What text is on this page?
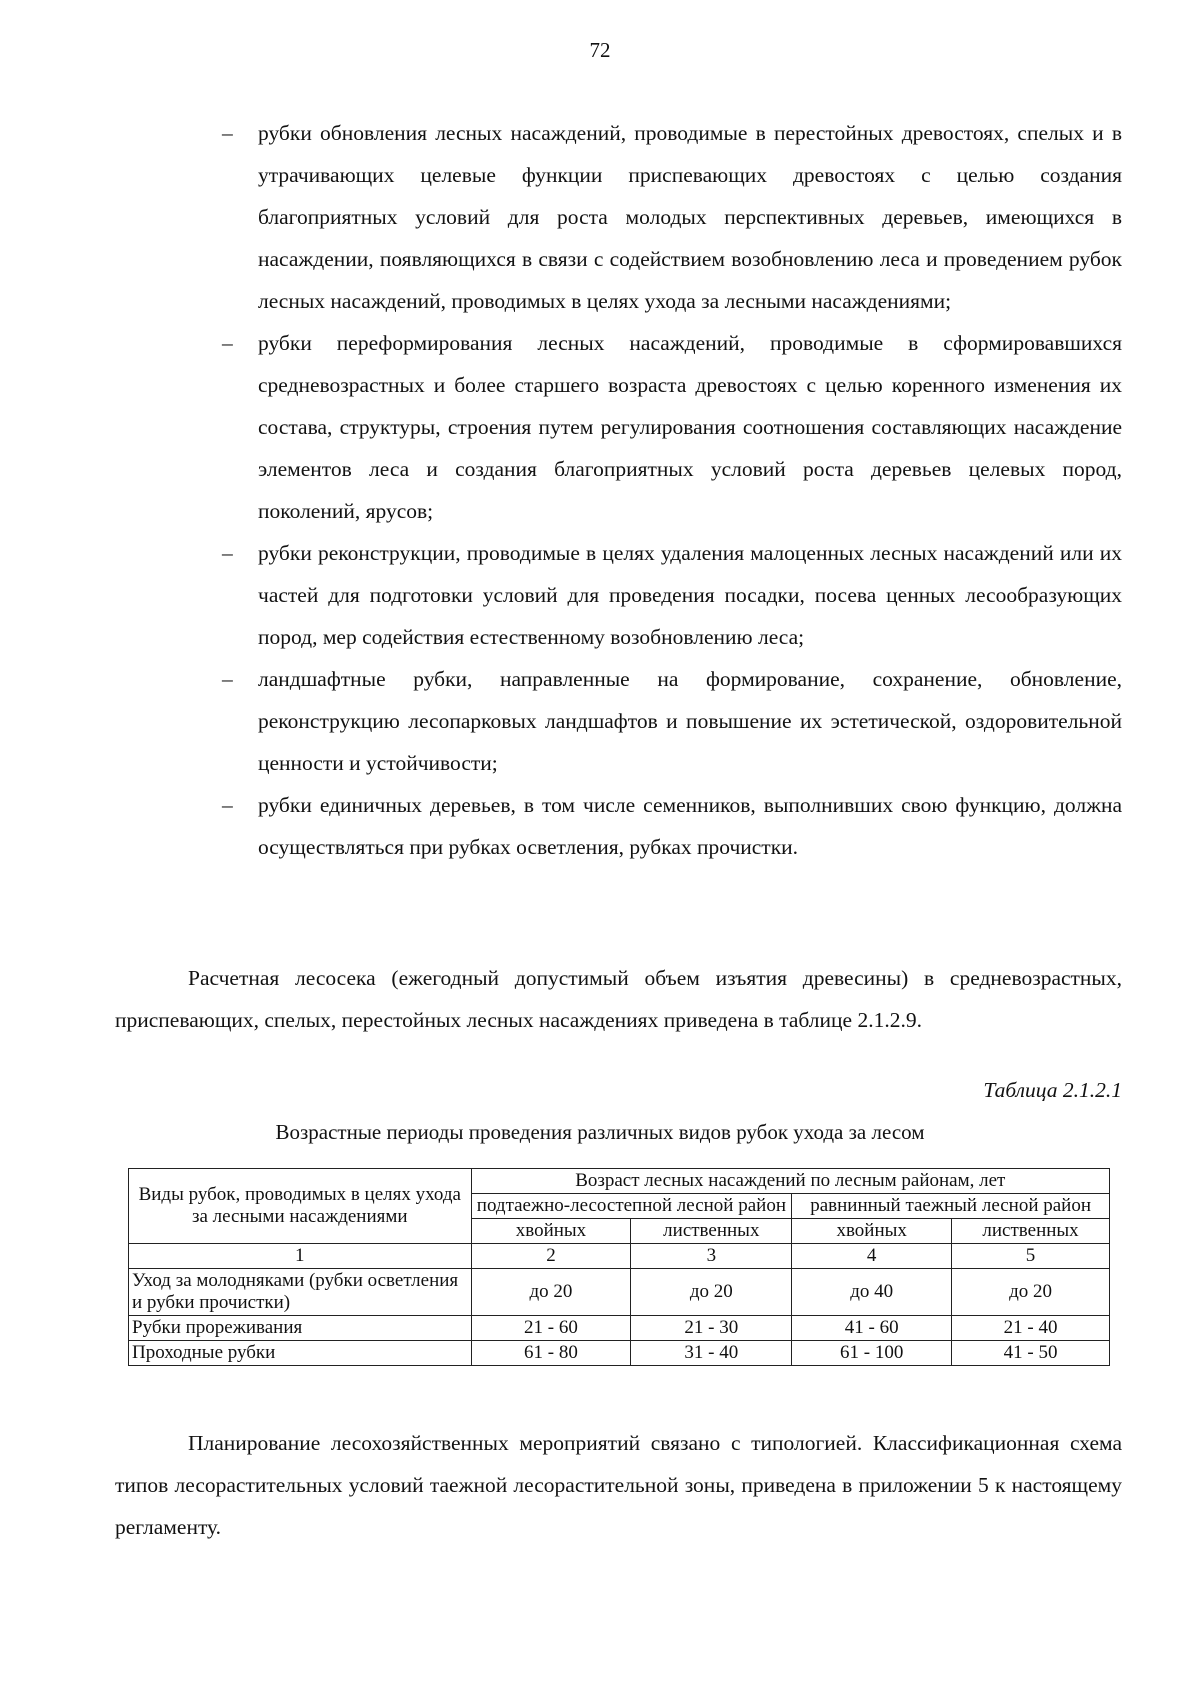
72
– рубки обновления лесных насаждений, проводимые в перестойных древостоях, спелых и в утрачивающих целевые функции приспевающих древостоях с целью создания благоприятных условий для роста молодых перспективных деревьев, имеющихся в насаждении, появляющихся в связи с содействием возобновлению леса и проведением рубок лесных насаждений, проводимых в целях ухода за лесными насаждениями;
– рубки переформирования лесных насаждений, проводимые в сформировавшихся средневозрастных и более старшего возраста древостоях с целью коренного изменения их состава, структуры, строения путем регулирования соотношения составляющих насаждение элементов леса и создания благоприятных условий роста деревьев целевых пород, поколений, ярусов;
– рубки реконструкции, проводимые в целях удаления малоценных лесных насаждений или их частей для подготовки условий для проведения посадки, посева ценных лесообразующих пород, мер содействия естественному возобновлению леса;
– ландшафтные рубки, направленные на формирование, сохранение, обновление, реконструкцию лесопарковых ландшафтов и повышение их эстетической, оздоровительной ценности и устойчивости;
– рубки единичных деревьев, в том числе семенников, выполнивших свою функцию, должна осуществляться при рубках осветления, рубках прочистки.

Расчетная лесосека (ежегодный допустимый объем изъятия древесины) в средневозрастных, приспевающих, спелых, перестойных лесных насаждениях приведена в таблице 2.1.2.9.

Таблица 2.1.2.1
Возрастные периоды проведения различных видов рубок ухода за лесом
Виды рубок, проводимых в целях ухода за лесными насаждениями	Возраст лесных насаждений по лесным районам, лет			
	подтаежно-лесостепной лесной район		равнинный таежный лесной район	
	хвойных	лиственных	хвойных	лиственных
1	2	3	4	5
Уход за молодняками (рубки осветления и рубки прочистки)	до 20	до 20	до 40	до 20
Рубки прореживания	21 - 60	21 - 30	41 - 60	21 - 40
Проходные рубки	61 - 80	31 - 40	61 - 100	41 - 50

Планирование лесохозяйственных мероприятий связано с типологией. Классификационная схема типов лесорастительных условий таежной лесорастительной зоны, приведена в приложении 5 к настоящему регламенту.
